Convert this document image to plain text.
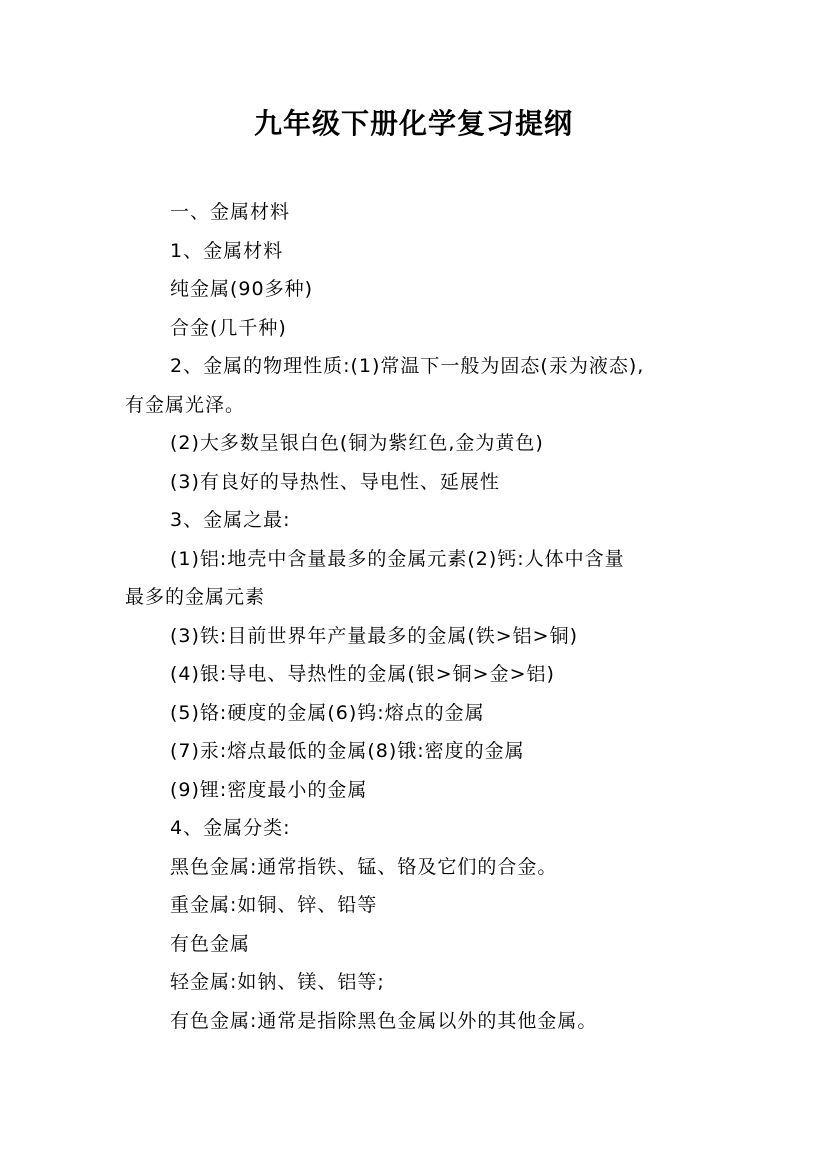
九年级下册化学复习提纲
一、金属材料
1、金属材料
纯金属(90多种)
合金(几千种)
2、金属的物理性质:(1)常温下一般为固态(汞为液态),
有金属光泽。
(2)大多数呈银白色(铜为紫红色,金为黄色)
(3)有良好的导热性、导电性、延展性
3、金属之最:
(1)铝:地壳中含量最多的金属元素(2)钙:人体中含量
最多的金属元素
(3)铁:目前世界年产量最多的金属(铁>铝>铜)
(4)银:导电、导热性的金属(银>铜>金>铝)
(5)铬:硬度的金属(6)钨:熔点的金属
(7)汞:熔点最低的金属(8)锇:密度的金属
(9)锂:密度最小的金属
4、金属分类:
黑色金属:通常指铁、锰、铬及它们的合金。
重金属:如铜、锌、铅等
有色金属
轻金属:如钠、镁、铝等;
有色金属:通常是指除黑色金属以外的其他金属。
